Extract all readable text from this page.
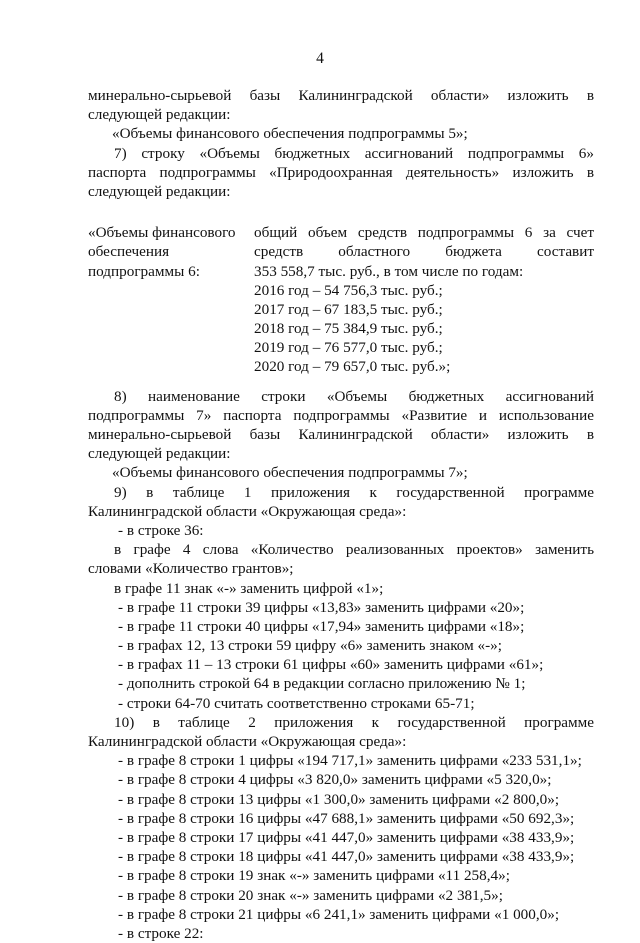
4
минерально-сырьевой базы Калининградской области» изложить в
следующей редакции:
«Объемы финансового обеспечения подпрограммы 5»;
7) строку «Объемы бюджетных ассигнований подпрограммы 6»
паспорта подпрограммы «Природоохранная деятельность» изложить в
следующей редакции:
«Объемы финансового
обеспечения
подпрограммы 6:
общий объем средств подпрограммы 6 за счет
средств областного бюджета составит
353 558,7 тыс. руб., в том числе по годам:
2016 год – 54 756,3 тыс. руб.;
2017 год – 67 183,5 тыс. руб.;
2018 год – 75 384,9 тыс. руб.;
2019 год – 76 577,0 тыс. руб.;
2020 год – 79 657,0 тыс. руб.»;
8) наименование строки «Объемы бюджетных ассигнований
подпрограммы 7» паспорта подпрограммы «Развитие и использование
минерально-сырьевой базы Калининградской области» изложить в
следующей редакции:
«Объемы финансового обеспечения подпрограммы 7»;
9) в таблице 1 приложения к государственной программе
Калининградской области «Окружающая среда»:
- в строке 36:
в графе 4 слова «Количество реализованных проектов» заменить
словами «Количество грантов»;
в графе 11 знак «-» заменить цифрой «1»;
- в графе 11 строки 39 цифры «13,83» заменить цифрами «20»;
- в графе 11 строки 40 цифры «17,94» заменить цифрами «18»;
- в графах 12, 13 строки 59 цифру «6» заменить знаком «-»;
- в графах 11 – 13 строки 61 цифры «60» заменить цифрами «61»;
- дополнить строкой 64 в редакции согласно приложению № 1;
- строки 64-70 считать соответственно строками 65-71;
10) в таблице 2 приложения к государственной программе
Калининградской области «Окружающая среда»:
- в графе 8 строки 1 цифры «194 717,1» заменить цифрами «233 531,1»;
- в графе 8 строки 4 цифры «3 820,0» заменить цифрами «5 320,0»;
- в графе 8 строки 13 цифры «1 300,0» заменить цифрами «2 800,0»;
- в графе 8 строки 16 цифры «47 688,1» заменить цифрами «50 692,3»;
- в графе 8 строки 17 цифры «41 447,0» заменить цифрами «38 433,9»;
- в графе 8 строки 18 цифры «41 447,0» заменить цифрами «38 433,9»;
- в графе 8 строки 19 знак «-» заменить цифрами «11 258,4»;
- в графе 8 строки 20 знак «-» заменить цифрами «2 381,5»;
- в графе 8 строки 21 цифры «6 241,1» заменить цифрами «1 000,0»;
- в строке 22:
